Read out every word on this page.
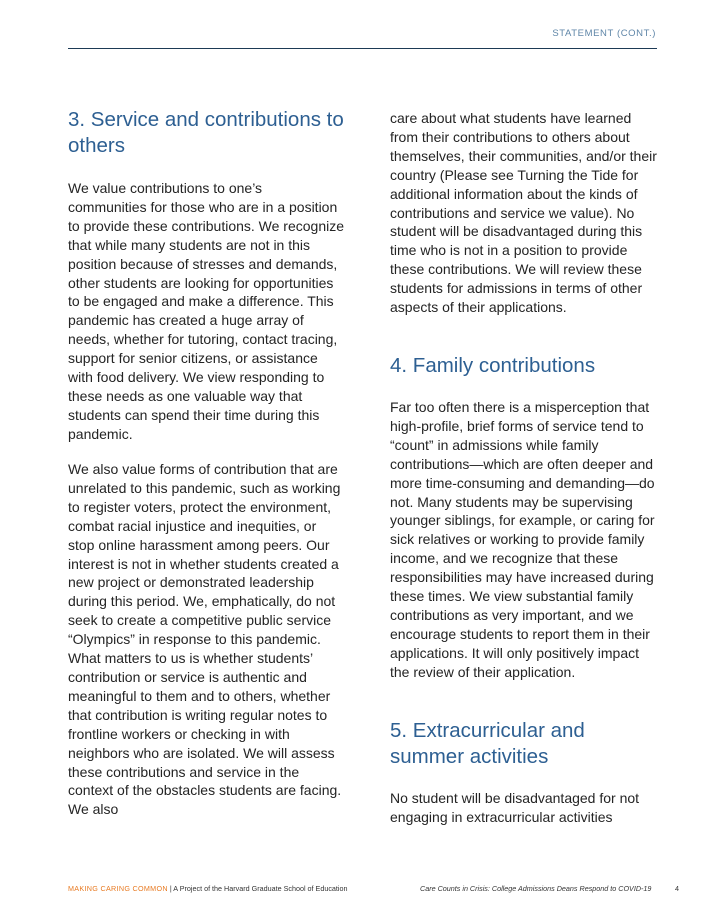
STATEMENT (CONT.)
3. Service and contributions to others

We value contributions to one’s communities for those who are in a position to provide these contributions. We recognize that while many students are not in this position because of stresses and demands, other students are looking for opportunities to be engaged and make a difference. This pandemic has created a huge array of needs, whether for tutoring, contact tracing, support for senior citizens, or assistance with food delivery. We view responding to these needs as one valuable way that students can spend their time during this pandemic.

We also value forms of contribution that are unrelated to this pandemic, such as working to register voters, protect the environment, combat racial injustice and inequities, or stop online harassment among peers. Our interest is not in whether students created a new project or demonstrated leadership during this period. We, emphatically, do not seek to create a competitive public service “Olympics” in response to this pandemic. What matters to us is whether students’ contribution or service is authentic and meaningful to them and to others, whether that contribution is writing regular notes to frontline workers or checking in with neighbors who are isolated. We will assess these contributions and service in the context of the obstacles students are facing. We also

care about what students have learned from their contributions to others about themselves, their communities, and/or their country (Please see Turning the Tide for additional information about the kinds of contributions and service we value). No student will be disadvantaged during this time who is not in a position to provide these contributions. We will review these students for admissions in terms of other aspects of their applications.

4. Family contributions

Far too often there is a misperception that high-profile, brief forms of service tend to “count” in admissions while family contributions—which are often deeper and more time-consuming and demanding—do not. Many students may be supervising younger siblings, for example, or caring for sick relatives or working to provide family income, and we recognize that these responsibilities may have increased during these times. We view substantial family contributions as very important, and we encourage students to report them in their applications. It will only positively impact the review of their application.

5. Extracurricular and summer activities

No student will be disadvantaged for not engaging in extracurricular activities

MAKING CARING COMMON | A Project of the Harvard Graduate School of Education	Care Counts in Crisis: College Admissions Deans Respond to COVID-19	4
